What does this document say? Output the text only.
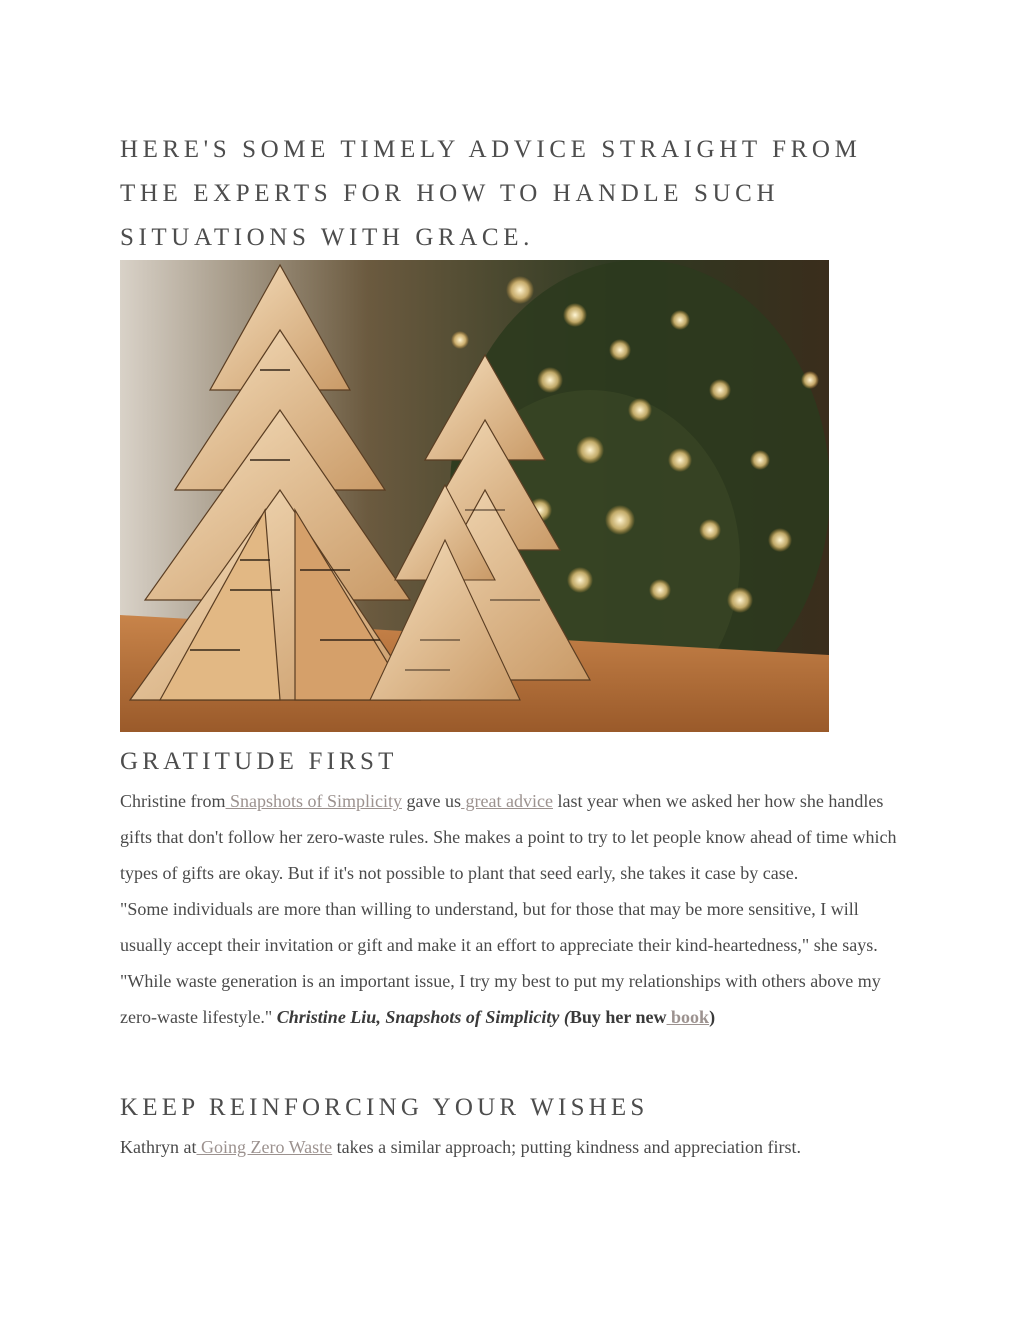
HERE'S SOME TIMELY ADVICE STRAIGHT FROM THE EXPERTS FOR HOW TO HANDLE SUCH SITUATIONS WITH GRACE.
GRATITUDE FIRST

Christine from Snapshots of Simplicity gave us great advice last year when we asked her how she handles gifts that don't follow her zero-waste rules. She makes a point to try to let people know ahead of time which types of gifts are okay. But if it's not possible to plant that seed early, she takes it case by case.

"Some individuals are more than willing to understand, but for those that may be more sensitive, I will usually accept their invitation or gift and make it an effort to appreciate their kind-heartedness," she says. "While waste generation is an important issue, I try my best to put my relationships with others above my zero-waste lifestyle." Christine Liu, Snapshots of Simplicity (Buy her new book)

KEEP REINFORCING YOUR WISHES

Kathryn at Going Zero Waste takes a similar approach; putting kindness and appreciation first.
